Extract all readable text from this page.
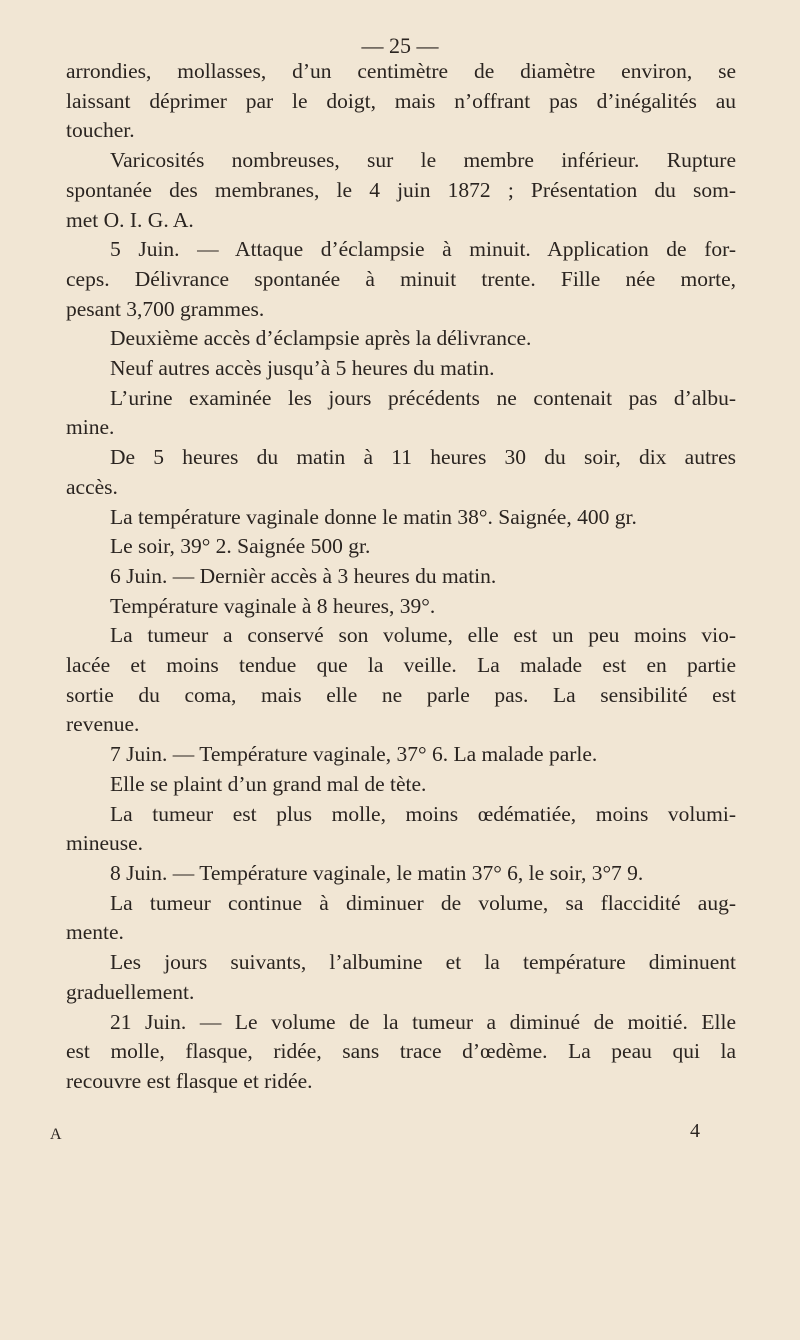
— 25 —
arrondies, mollasses, d’un centimètre de diamètre environ, se
laissant déprimer par le doigt, mais n’offrant pas d’inégalités au
toucher.
Varicosités nombreuses, sur le membre inférieur. Rupture
spontanée des membranes, le 4 juin 1872 ; Présentation du som-
met O. I. G. A.
5 Juin. — Attaque d’éclampsie à minuit. Application de for-
ceps. Délivrance spontanée à minuit trente. Fille née morte,
pesant 3,700 grammes.
Deuxième accès d’éclampsie après la délivrance.
Neuf autres accès jusqu’à 5 heures du matin.
L’urine examinée les jours précédents ne contenait pas d’albu-
mine.
De 5 heures du matin à 11 heures 30 du soir, dix autres
accès.
La température vaginale donne le matin 38°. Saignée, 400 gr.
Le soir, 39° 2. Saignée 500 gr.
6 Juin. — Dernièr accès à 3 heures du matin.
Température vaginale à 8 heures, 39°.
La tumeur a conservé son volume, elle est un peu moins vio-
lacée et moins tendue que la veille. La malade est en partie
sortie du coma, mais elle ne parle pas. La sensibilité est
revenue.
7 Juin. — Température vaginale, 37° 6. La malade parle.
Elle se plaint d’un grand mal de tète.
La tumeur est plus molle, moins œdématiée, moins volumi-
mineuse.
8 Juin. — Température vaginale, le matin 37° 6, le soir, 3°7 9.
La tumeur continue à diminuer de volume, sa flaccidité aug-
mente.
Les jours suivants, l’albumine et la température diminuent
graduellement.
21 Juin. — Le volume de la tumeur a diminué de moitié. Elle
est molle, flasque, ridée, sans trace d’œdème. La peau qui la
recouvre est flasque et ridée.
A	4
